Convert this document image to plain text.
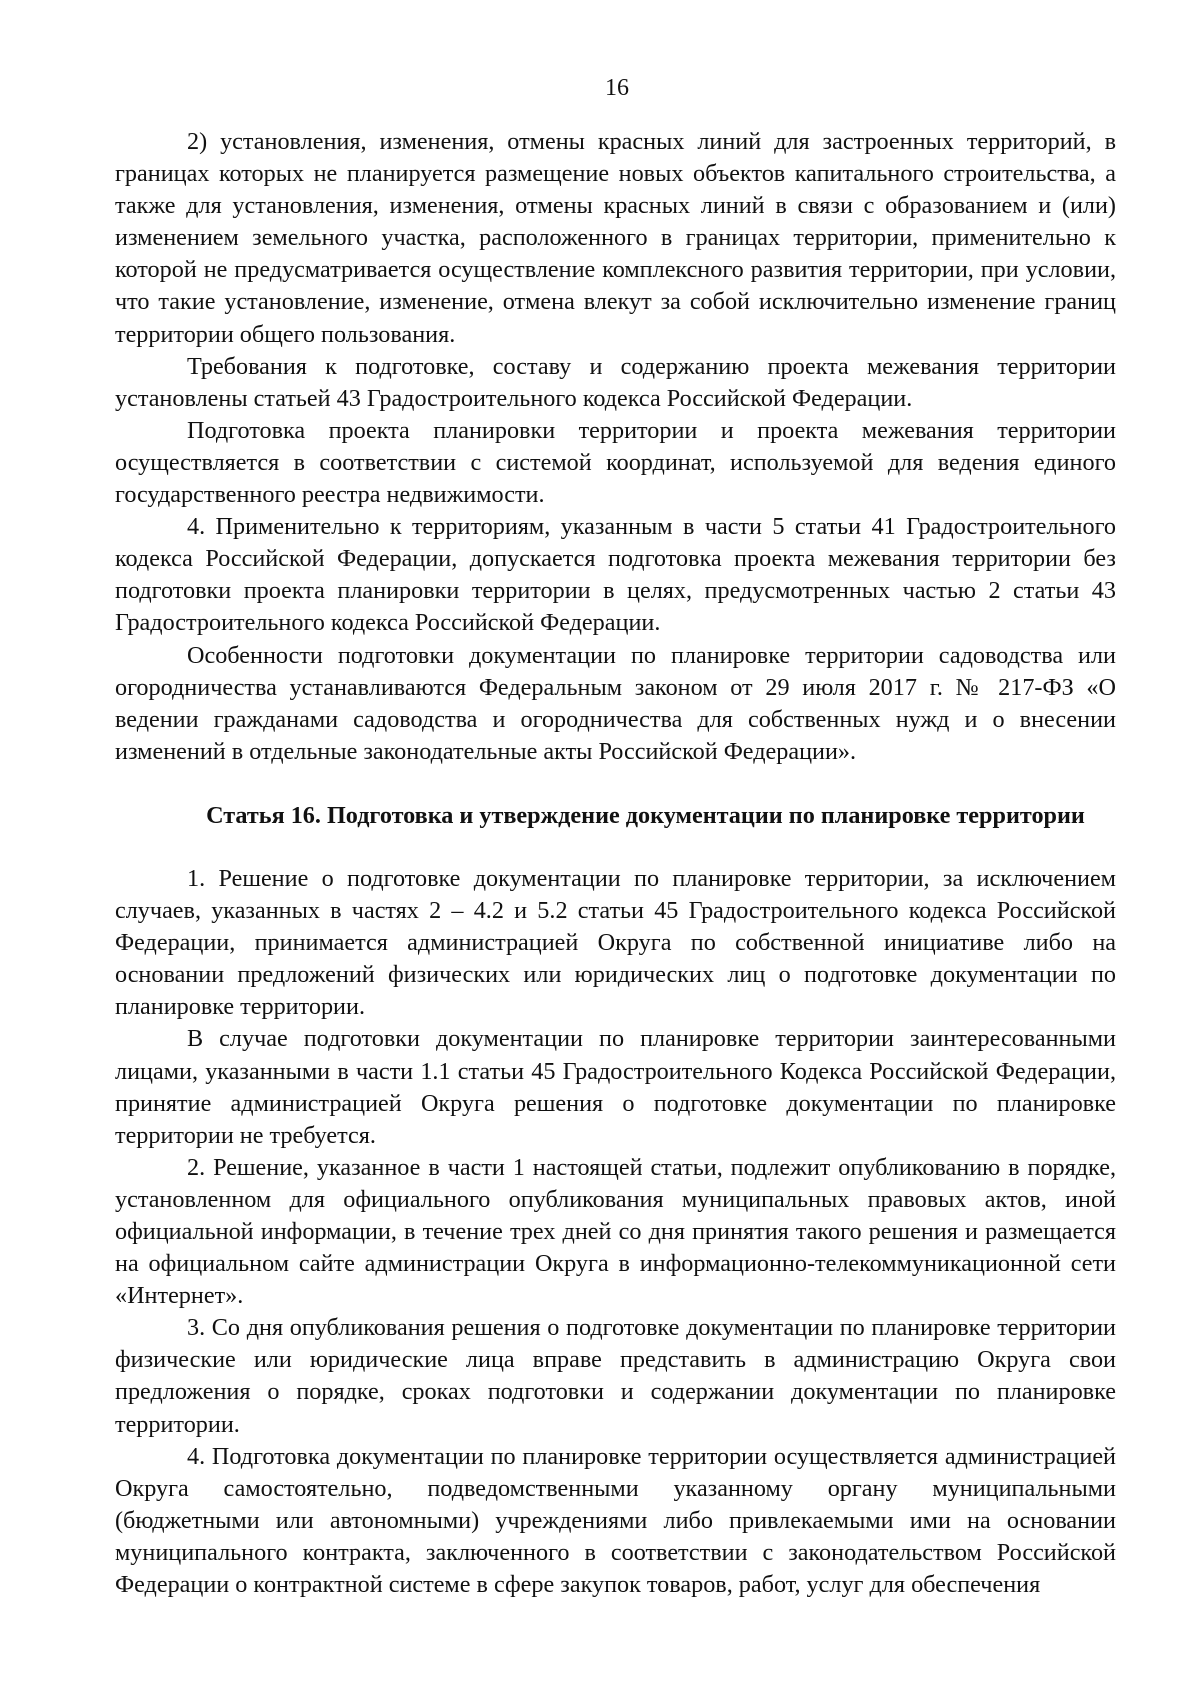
16

2) установления, изменения, отмены красных линий для застроенных территорий, в границах которых не планируется размещение новых объектов капитального строительства, а также для установления, изменения, отмены красных линий в связи с образованием и (или) изменением земельного участка, расположенного в границах территории, применительно к которой не предусматривается осуществление комплексного развития территории, при условии, что такие установление, изменение, отмена влекут за собой исключительно изменение границ территории общего пользования.

Требования к подготовке, составу и содержанию проекта межевания территории установлены статьей 43 Градостроительного кодекса Российской Федерации.

Подготовка проекта планировки территории и проекта межевания территории осуществляется в соответствии с системой координат, используемой для ведения единого государственного реестра недвижимости.

4. Применительно к территориям, указанным в части 5 статьи 41 Градостроительного кодекса Российской Федерации, допускается подготовка проекта межевания территории без подготовки проекта планировки территории в целях, предусмотренных частью 2 статьи 43 Градостроительного кодекса Российской Федерации.

Особенности подготовки документации по планировке территории садоводства или огородничества устанавливаются Федеральным законом от 29 июля 2017 г. № 217-ФЗ «О ведении гражданами садоводства и огородничества для собственных нужд и о внесении изменений в отдельные законодательные акты Российской Федерации».

Статья 16. Подготовка и утверждение документации по планировке территории

1. Решение о подготовке документации по планировке территории, за исключением случаев, указанных в частях 2 – 4.2 и 5.2 статьи 45 Градостроительного кодекса Российской Федерации, принимается администрацией Округа по собственной инициативе либо на основании предложений физических или юридических лиц о подготовке документации по планировке территории.

В случае подготовки документации по планировке территории заинтересованными лицами, указанными в части 1.1 статьи 45 Градостроительного Кодекса Российской Федерации, принятие администрацией Округа решения о подготовке документации по планировке территории не требуется.

2. Решение, указанное в части 1 настоящей статьи, подлежит опубликованию в порядке, установленном для официального опубликования муниципальных правовых актов, иной официальной информации, в течение трех дней со дня принятия такого решения и размещается на официальном сайте администрации Округа в информационно-телекоммуникационной сети «Интернет».

3. Со дня опубликования решения о подготовке документации по планировке территории физические или юридические лица вправе представить в администрацию Округа свои предложения о порядке, сроках подготовки и содержании документации по планировке территории.

4. Подготовка документации по планировке территории осуществляется администрацией Округа самостоятельно, подведомственными указанному органу муниципальными (бюджетными или автономными) учреждениями либо привлекаемыми ими на основании муниципального контракта, заключенного в соответствии с законодательством Российской Федерации о контрактной системе в сфере закупок товаров, работ, услуг для обеспечения
